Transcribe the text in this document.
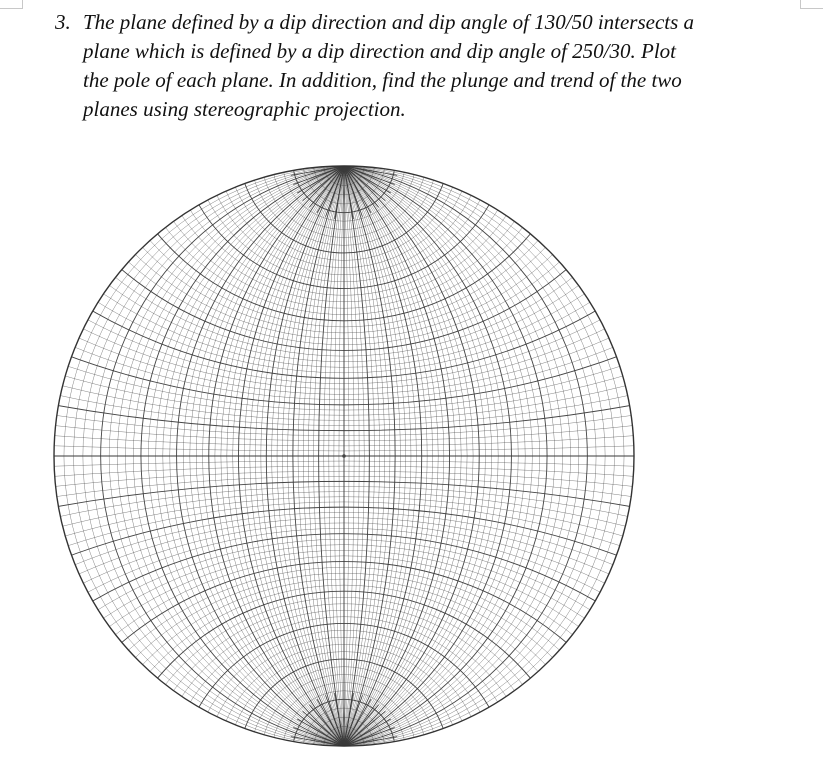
3. The plane defined by a dip direction and dip angle of 130/50 intersects a
plane which is defined by a dip direction and dip angle of 250/30. Plot
the pole of each plane. In addition, find the plunge and trend of the two
planes using stereographic projection.
